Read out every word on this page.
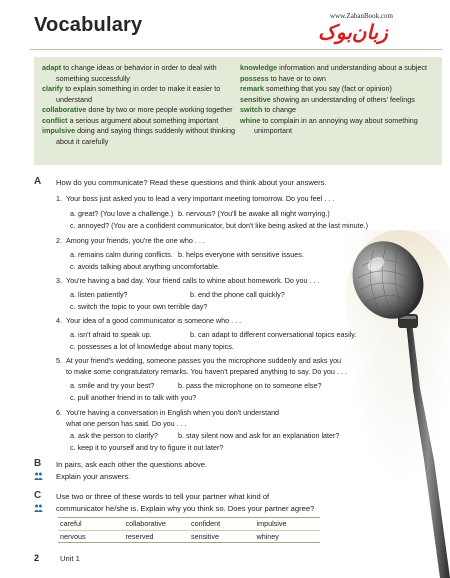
Vocabulary	www.ZabanBook.com
زبان‌بوک
adapt to change ideas or behavior in order to deal with something successfully
clarify to explain something in order to make it easier to understand
collaborative done by two or more people working together
conflict a serious argument about something important
impulsive doing and saying things suddenly without thinking about it carefully
knowledge information and understanding about a subject
possess to have or to own
remark something that you say (fact or opinion)
sensitive showing an understanding of others' feelings
switch to change
whine to complain in an annoying way about something unimportant
A How do you communicate? Read these questions and think about your answers.
1. Your boss just asked you to lead a very important meeting tomorrow. Do you feel . . .
a. great? (You love a challenge.) b. nervous? (You'll be awake all night worrying.)
c. annoyed? (You are a confident communicator, but don't like being asked at the last minute.)
2. Among your friends, you're the one who . . .
a. remains calm during conflicts. b. helps everyone with sensitive issues.
c. avoids talking about anything uncomfortable.
3. You're having a bad day. Your friend calls to whine about homework. Do you . . .
a. listen patiently?	b. end the phone call quickly?
c. switch the topic to your own terrible day?
4. Your idea of a good communicator is someone who . . .
a. isn't afraid to speak up.	b. can adapt to different conversational topics easily.
c. possesses a lot of knowledge about many topics.
5. At your friend's wedding, someone passes you the microphone suddenly and asks you
to make some congratulatory remarks. You haven't prepared anything to say. Do you . . .
a. smile and try your best?	b. pass the microphone on to someone else?
c. pull another friend in to talk with you?
6. You're having a conversation in English when you don't understand
what one person has said. Do you . . .
a. ask the person to clarify?	b. stay silent now and ask for an explanation later?
c. keep it to yourself and try to figure it out later?
B In pairs, ask each other the questions above.
Explain your answers.
C Use two or three of these words to tell your partner what kind of
communicator he/she is. Explain why you think so. Does your partner agree?
careful	collaborative	confident	impulsive
nervous	reserved	sensitive	whiney
2	Unit 1
